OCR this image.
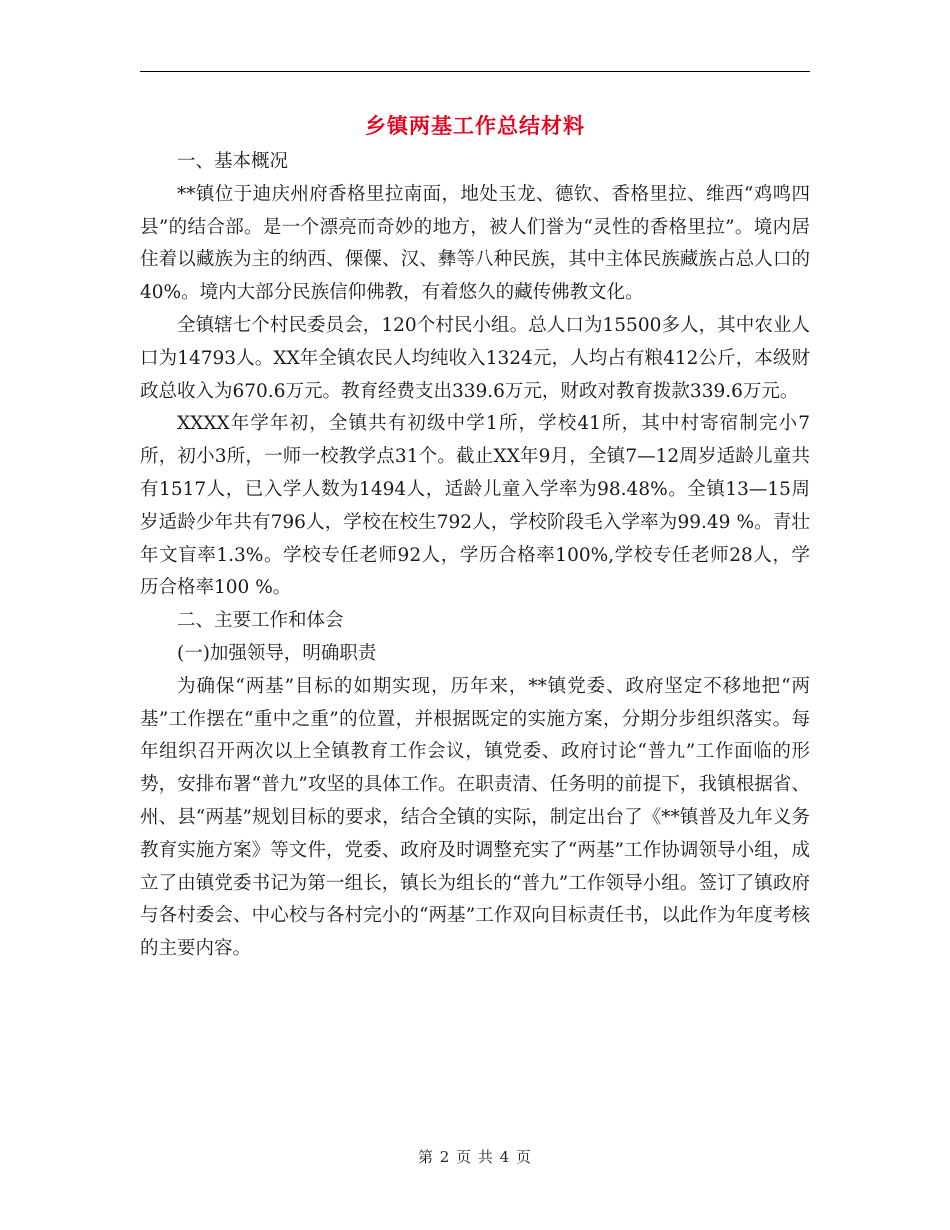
乡镇两基工作总结材料

一、基本概况

**镇位于迪庆州府香格里拉南面，地处玉龙、德钦、香格里拉、维西“鸡鸣四县”的结合部。是一个漂亮而奇妙的地方，被人们誉为“灵性的香格里拉”。境内居住着以藏族为主的纳西、傈僳、汉、彝等八种民族，其中主体民族藏族占总人口的40%。境内大部分民族信仰佛教，有着悠久的藏传佛教文化。

全镇辖七个村民委员会，120个村民小组。总人口为15500多人，其中农业人口为14793人。XX年全镇农民人均纯收入1324元，人均占有粮412公斤，本级财政总收入为670.6万元。教育经费支出339.6万元，财政对教育拨款339.6万元。

XXXX年学年初，全镇共有初级中学1所，学校41所，其中村寄宿制完小7所，初小3所，一师一校教学点31个。截止XX年9月，全镇7—12周岁适龄儿童共有1517人，已入学人数为1494人，适龄儿童入学率为98.48%。全镇13—15周岁适龄少年共有796人，学校在校生792人，学校阶段毛入学率为99.49 %。青壮年文盲率1.3%。学校专任老师92人，学历合格率100%,学校专任老师28人，学历合格率100 %。

二、主要工作和体会

(一)加强领导，明确职责

为确保“两基”目标的如期实现，历年来，**镇党委、政府坚定不移地把“两基”工作摆在“重中之重”的位置，并根据既定的实施方案，分期分步组织落实。每年组织召开两次以上全镇教育工作会议，镇党委、政府讨论“普九”工作面临的形势，安排布署“普九”攻坚的具体工作。在职责清、任务明的前提下，我镇根据省、州、县“两基”规划目标的要求，结合全镇的实际，制定出台了《**镇普及九年义务教育实施方案》等文件，党委、政府及时调整充实了“两基”工作协调领导小组，成立了由镇党委书记为第一组长，镇长为组长的“普九”工作领导小组。签订了镇政府与各村委会、中心校与各村完小的“两基”工作双向目标责任书，以此作为年度考核的主要内容。

第 2 页 共 4 页
